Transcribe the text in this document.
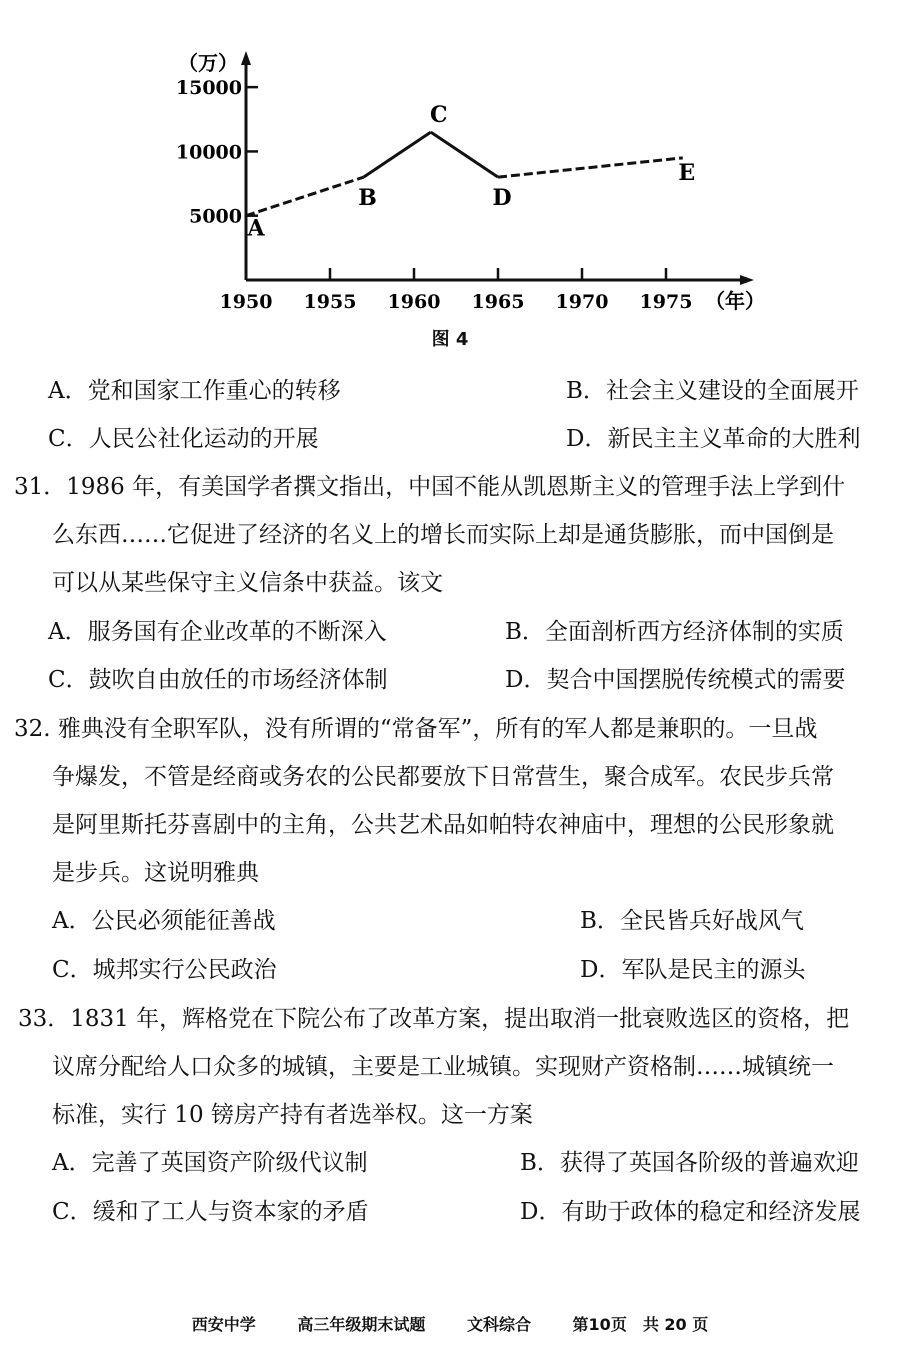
5000
10000
15000
1950 1955 1960 1965 1970 1975
A
B
C
D
E
（万）
（年）
图 4
A．党和国家工作重心的转移	B．社会主义建设的全面展开
C．人民公社化运动的开展	D．新民主主义革命的大胜利
31．1986 年，有美国学者撰文指出，中国不能从凯恩斯主义的管理手法上学到什
么东西……它促进了经济的名义上的增长而实际上却是通货膨胀，而中国倒是
可以从某些保守主义信条中获益。该文
A．服务国有企业改革的不断深入	B．全面剖析西方经济体制的实质
C．鼓吹自由放任的市场经济体制	D．契合中国摆脱传统模式的需要
32. 雅典没有全职军队，没有所谓的“常备军”，所有的军人都是兼职的。一旦战
争爆发，不管是经商或务农的公民都要放下日常营生，聚合成军。农民步兵常
是阿里斯托芬喜剧中的主角，公共艺术品如帕特农神庙中，理想的公民形象就
是步兵。这说明雅典
A．公民必须能征善战	B．全民皆兵好战风气
C．城邦实行公民政治	D．军队是民主的源头
33．1831 年，辉格党在下院公布了改革方案，提出取消一批衰败选区的资格，把
议席分配给人口众多的城镇，主要是工业城镇。实现财产资格制……城镇统一
标准，实行 10 镑房产持有者选举权。这一方案
A．完善了英国资产阶级代议制	B．获得了英国各阶级的普遍欢迎
C．缓和了工人与资本家的矛盾	D．有助于政体的稳定和经济发展
西安中学	高三年级期末试题	文科综合	第10页　共 20 页
